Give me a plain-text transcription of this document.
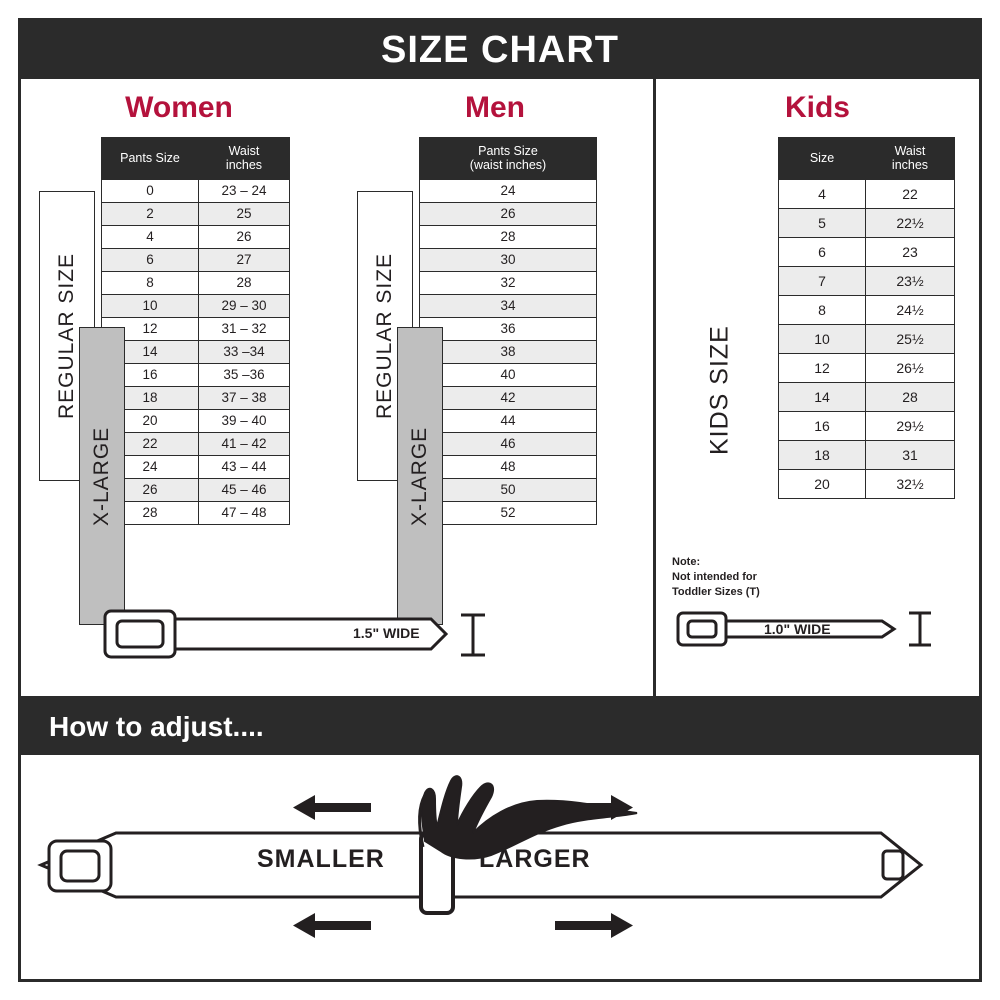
SIZE CHART
Women	Men
REGULAR SIZE
X-LARGE
Pants Size	Waist
inches
0	23 – 24
2	25
4	26
6	27
8	28
10	29 – 30
12	31 – 32
14	33 –34
16	35 –36
18	37 – 38
20	39 – 40
22	41 – 42
24	43 – 44
26	45 – 46
28	47 – 48
REGULAR SIZE
X-LARGE
Pants Size
(waist inches)
24
26
28
30
32
34
36
38
40
42
44
46
48
50
52
1.5" WIDE
Kids
KIDS SIZE
Note:
Not intended for
Toddler Sizes (T)
Size	Waist
inches
4	22
5	22½
6	23
7	23½
8	24½
10	25½
12	26½
14	28
16	29½
18	31
20	32½
1.0" WIDE
How to adjust....
SMALLER	LARGER
